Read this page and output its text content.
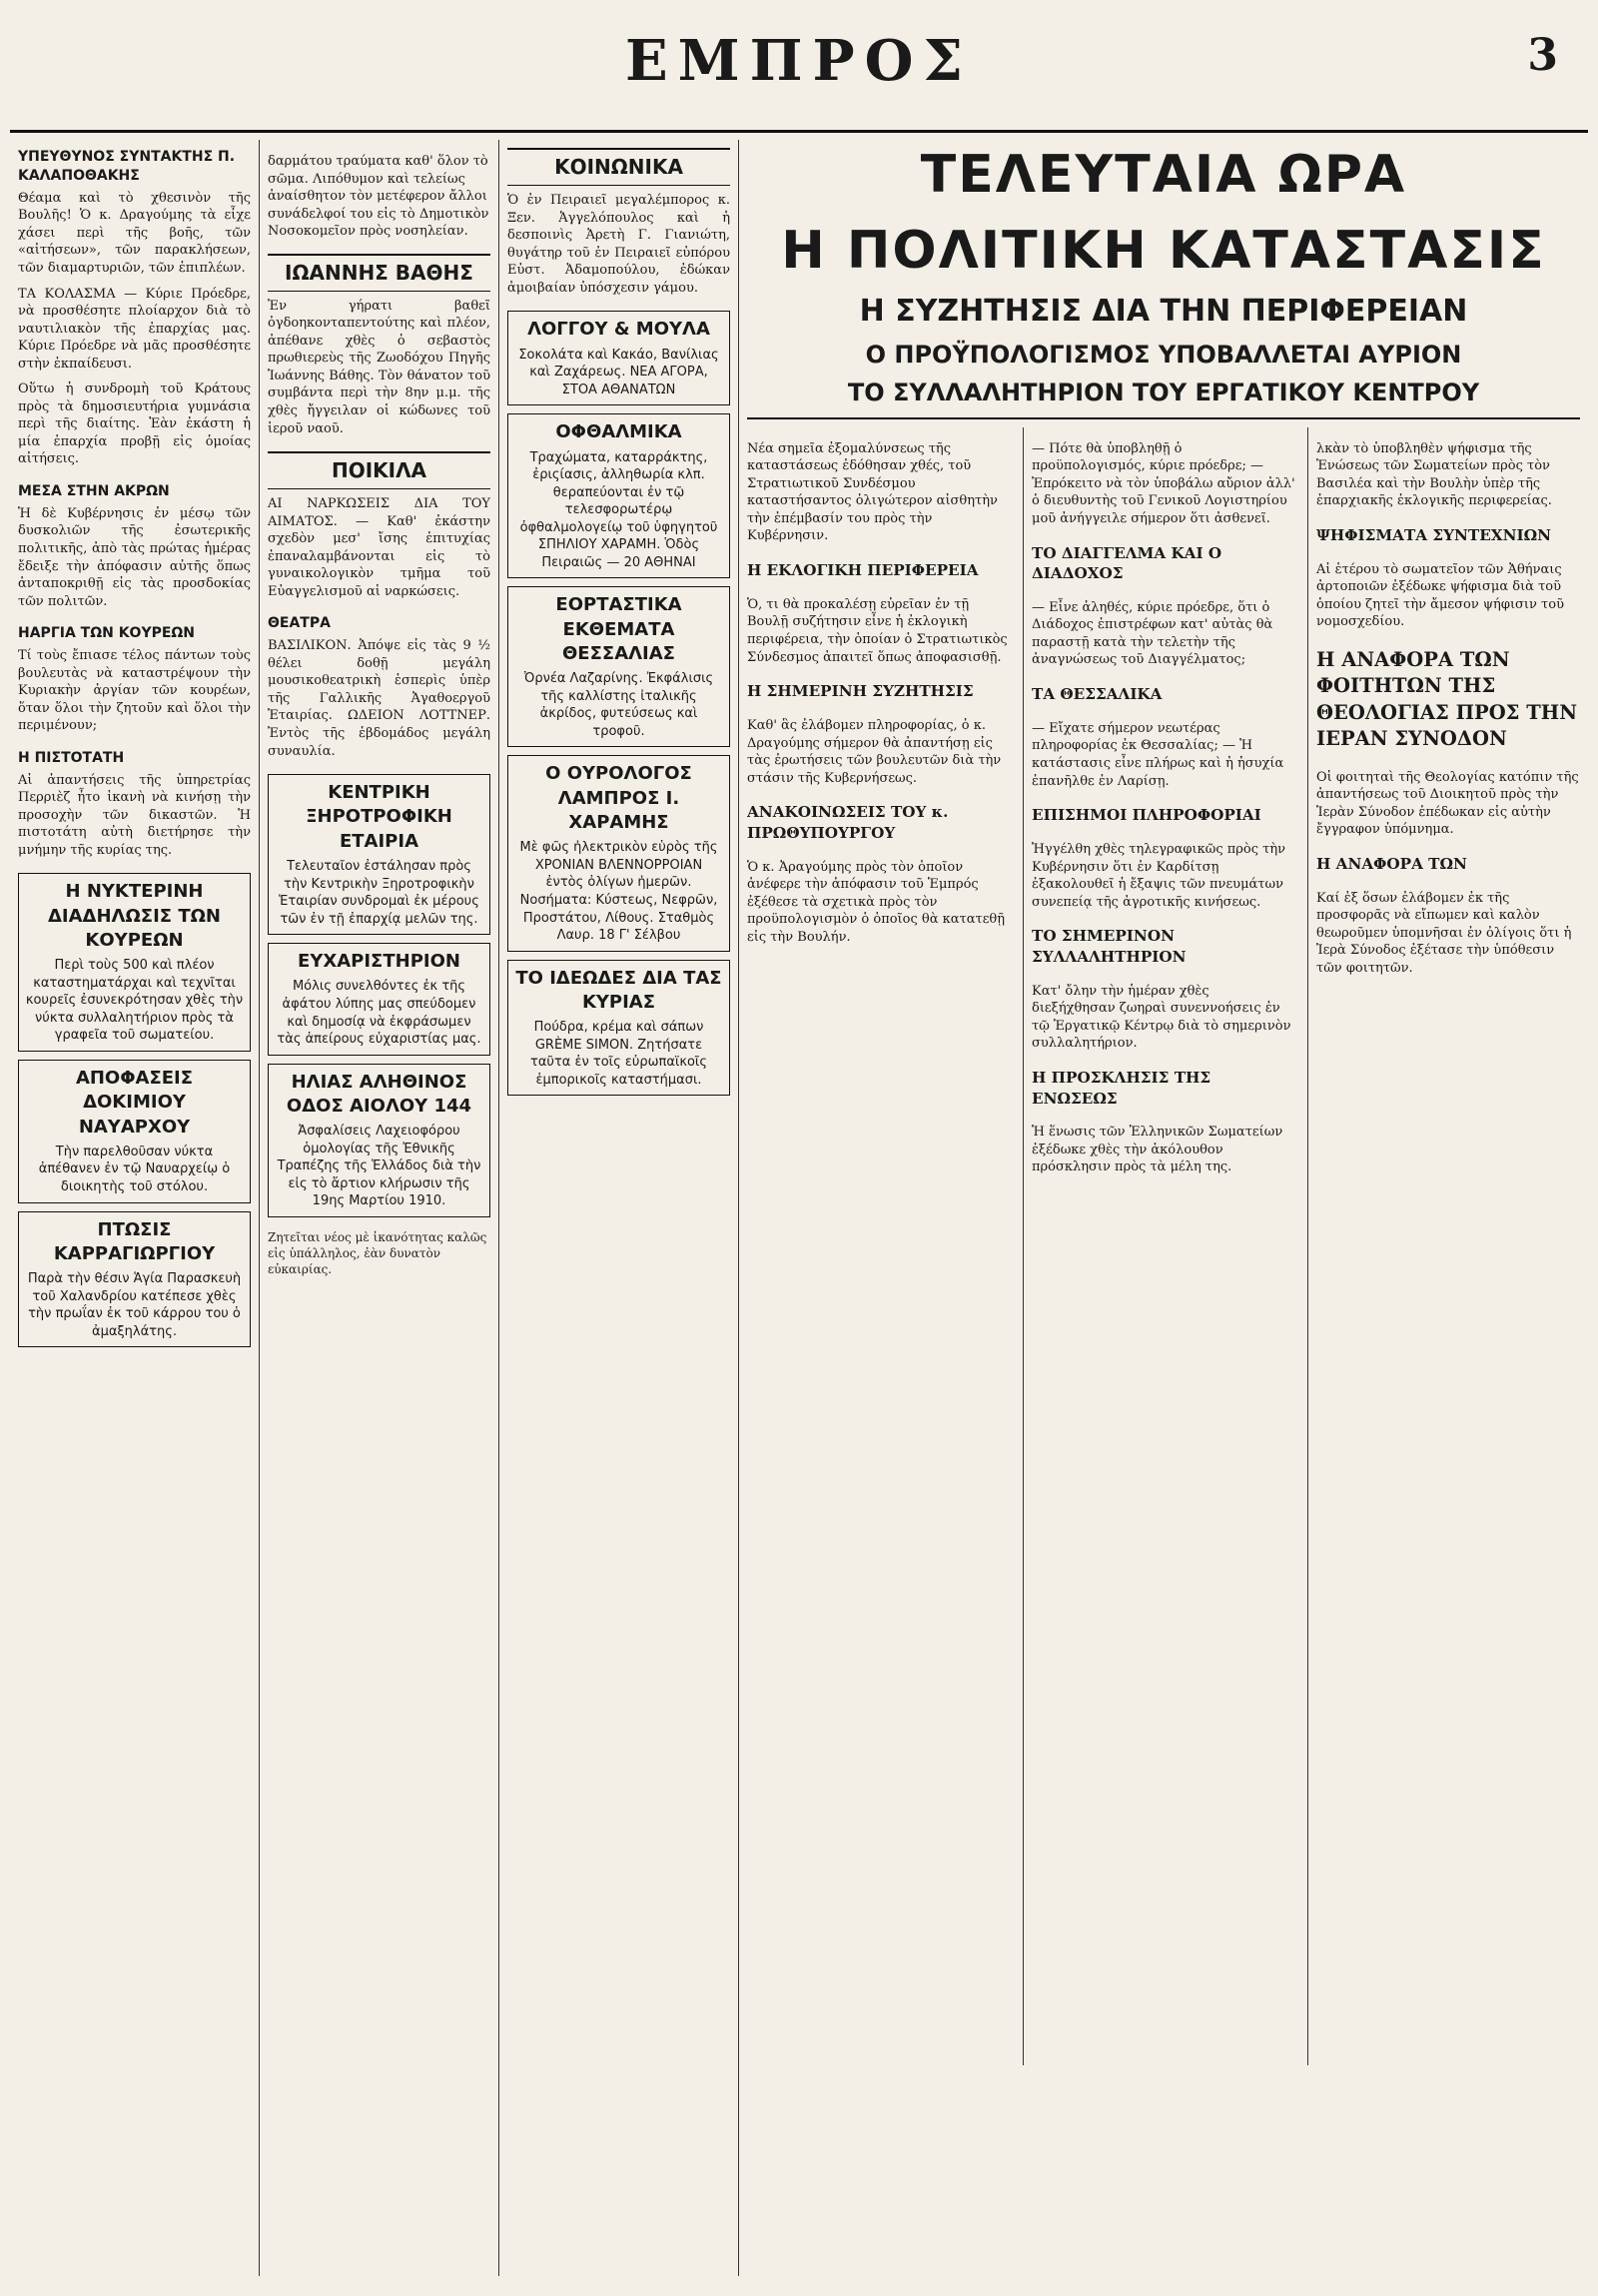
ΕΜΠΡΟΣ	3
ΥΠΕΥΘΥΝΟΣ ΣΥΝΤΑΚΤΗΣ Π. ΚΑΛΑΠΟΘΑΚΗΣ

Θέαμα καὶ τὸ χθεσινὸν τῆς Βουλῆς! Ὁ κ. Δραγούμης τὰ εἶχε χάσει περὶ τῆς βοῆς, τῶν «αἰτήσεων», τῶν παρακλήσεων, τῶν διαμαρτυριῶν, τῶν ἐπιπλέων.

ΤΑ ΚΟΛΑΣΜΑ — Κύριε Πρόεδρε, νὰ προσθέσητε πλοίαρχον διὰ τὸ ναυτιλιακὸν τῆς ἐπαρχίας μας. Κύριε Πρόεδρε νὰ μᾶς προσθέσητε στὴν ἐκπαίδευσι.

Οὕτω ἡ συνδρομὴ τοῦ Κράτους πρὸς τὰ δημοσιευτήρια γυμνάσια περὶ τῆς διαίτης. Ἐὰν ἐκάστη ἡ μία ἐπαρχία προβῇ εἰς ὁμοίας αἰτήσεις.

ΜΕΣΑ ΣΤΗΝ ΑΚΡΩΝ

Ἡ δὲ Κυβέρνησις ἐν μέσῳ τῶν δυσκολιῶν τῆς ἐσωτερικῆς πολιτικῆς, ἀπὸ τὰς πρώτας ἡμέρας ἔδειξε τὴν ἀπόφασιν αὐτῆς ὅπως ἀνταποκριθῇ εἰς τὰς προσδοκίας τῶν πολιτῶν.

ΗΑΡΓΙΑ ΤΩΝ ΚΟΥΡΕΩΝ

Τί τοὺς ἔπιασε τέλος πάντων τοὺς βουλευτὰς νὰ καταστρέψουν τὴν Κυριακὴν ἀργίαν τῶν κουρέων, ὅταν ὅλοι τὴν ζητοῦν καὶ ὅλοι τὴν περιμένουν;

Η ΠΙΣΤΟΤΑΤΗ

Αἱ ἀπαντήσεις τῆς ὑπηρετρίας Περριὲζ ἦτο ἱκανὴ νὰ κινήσῃ τὴν προσοχὴν τῶν δικαστῶν. Ἡ πιστοτάτη αὐτὴ διετήρησε τὴν μνήμην τῆς κυρίας της.

Η ΝΥΚΤΕΡΙΝΗ ΔΙΑΔΗΛΩΣΙΣ ΤΩΝ ΚΟΥΡΕΩΝ
Περὶ τοὺς 500 καὶ πλέον καταστηματάρχαι καὶ τεχνῖται κουρεῖς ἐσυνεκρότησαν χθὲς τὴν νύκτα συλλαλητήριον πρὸς τὰ γραφεῖα τοῦ σωματείου.
ΑΠΟΦΑΣΕΙΣ ΔΟΚΙΜΙΟΥ ΝΑΥΑΡΧΟΥ
Τὴν παρελθοῦσαν νύκτα ἀπέθανεν ἐν τῷ Ναυαρχείῳ ὁ διοικητὴς τοῦ στόλου.
ΠΤΩΣΙΣ ΚΑΡΡΑΓΙΩΡΓΙΟΥ
Παρὰ τὴν θέσιν Ἁγία Παρασκευὴ τοῦ Χαλανδρίου κατέπεσε χθὲς τὴν πρωΐαν ἐκ τοῦ κάρρου του ὁ ἀμαξηλάτης.

δαρμάτου τραύματα καθ' ὅλον τὸ σῶμα. Λιπόθυμον καὶ τελείως ἀναίσθητον τὸν μετέφερον ἄλλοι συνάδελφοί του εἰς τὸ Δημοτικὸν Νοσοκομεῖον πρὸς νοσηλείαν.

ΙΩΑΝΝΗΣ ΒΑΘΗΣ

Ἐν γήρατι βαθεῖ ὀγδοηκονταπεντούτης καὶ πλέον, ἀπέθανε χθὲς ὁ σεβαστὸς πρωθιερεὺς τῆς Ζωοδόχου Πηγῆς Ἰωάννης Βάθης. Τὸν θάνατον τοῦ συμβάντα περὶ τὴν 8ην μ.μ. τῆς χθὲς ἤγγειλαν οἱ κώδωνες τοῦ ἱεροῦ ναοῦ.

ΠΟΙΚΙΛΑ

ΑΙ ΝΑΡΚΩΣΕΙΣ ΔΙΑ ΤΟΥ ΑΙΜΑΤΟΣ. — Καθ' ἐκάστην σχεδὸν μεσ' ἴσης ἐπιτυχίας ἐπαναλαμβάνονται εἰς τὸ γυναικολογικὸν τμῆμα τοῦ Εὐαγγελισμοῦ αἱ ναρκώσεις.

ΘΕΑΤΡΑ

ΒΑΣΙΛΙΚΟΝ. Ἀπόψε εἰς τὰς 9 ½ θέλει δοθῇ μεγάλη μουσικοθεατρικὴ ἑσπερὶς ὑπὲρ τῆς Γαλλικῆς Ἀγαθοεργοῦ Ἑταιρίας. ΩΔΕΙΟΝ ΛΟΤΤΝΕΡ. Ἐντὸς τῆς ἑβδομάδος μεγάλη συναυλία.

ΚΕΝΤΡΙΚΗ ΞΗΡΟΤΡΟΦΙΚΗ ΕΤΑΙΡΙΑ
Τελευταῖον ἐστάλησαν πρὸς τὴν Κεντρικὴν Ξηροτροφικὴν Ἑταιρίαν συνδρομαὶ ἐκ μέρους τῶν ἐν τῇ ἐπαρχίᾳ μελῶν της.
ΕΥΧΑΡΙΣΤΗΡΙΟΝ
Μόλις συνελθόντες ἐκ τῆς ἀφάτου λύπης μας σπεύδομεν καὶ δημοσίᾳ νὰ ἐκφράσωμεν τὰς ἀπείρους εὐχαριστίας μας.
ΗΛΙΑΣ ΑΛΗΘΙΝΟΣ
ΟΔΟΣ ΑΙΟΛΟΥ 144
Ἀσφαλίσεις Λαχειοφόρου ὁμολογίας τῆς Ἐθνικῆς Τραπέζης τῆς Ἑλλάδος διὰ τὴν εἰς τὸ ἄρτιον κλήρωσιν τῆς 19ης Μαρτίου 1910.

Ζητεῖται νέος μὲ ἱκανότητας καλῶς εἰς ὑπάλληλος, ἐὰν δυνατὸν εὐκαιρίας.

ΚΟΙΝΩΝΙΚΑ

Ὁ ἐν Πειραιεῖ μεγαλέμπορος κ. Ξεν. Ἀγγελόπουλος καὶ ἡ δεσποινὶς Ἀρετὴ Γ. Γιανιώτη, θυγάτηρ τοῦ ἐν Πειραιεῖ εὐπόρου Εὐστ. Ἀδαμοπούλου, ἐδώκαν ἀμοιβαίαν ὑπόσχεσιν γάμου.

ΛΟΓΓΟΥ & ΜΟΥΛΑ
Σοκολάτα καὶ Κακάο, Βανίλιας καὶ Ζαχάρεως. ΝΕΑ ΑΓΟΡΑ, ΣΤΟΑ ΑΘΑΝΑΤΩΝ
ΟΦΘΑΛΜΙΚΑ
Τραχώματα, καταρράκτης, ἐριςίασις, ἀλληθωρία κλπ. θεραπεύονται ἐν τῷ τελεσφορωτέρῳ ὀφθαλμολογείῳ τοῦ ὑφηγητοῦ ΣΠΗΛΙΟΥ ΧΑΡΑΜΗ. Ὁδὸς Πειραιῶς — 20 ΑΘΗΝΑΙ
ΕΟΡΤΑΣΤΙΚΑ ΕΚΘΕΜΑΤΑ ΘΕΣΣΑΛΙΑΣ
Ὀρνέα Λαζαρίνης. Ἐκφάλισις τῆς καλλίστης ἰταλικῆς ἀκρίδος, φυτεύσεως καὶ τροφοῦ.
Ο ΟΥΡΟΛΟΓΟΣ
ΛΑΜΠΡΟΣ Ι. ΧΑΡΑΜΗΣ
Μὲ φῶς ἠλεκτρικὸν εὑρὸς τῆς ΧΡΟΝΙΑΝ ΒΛΕΝΝΟΡΡΟΙΑΝ ἐντὸς ὀλίγων ἡμερῶν. Νοσήματα: Κύστεως, Νεφρῶν, Προστάτου, Λίθους. Σταθμὸς Λαυρ. 18 Γ' Σέλβου
ΤΟ ΙΔΕΩΔΕΣ ΔΙΑ ΤΑΣ ΚΥΡΙΑΣ
Πούδρα, κρέμα καὶ σάπων GRÈME SIMON. Ζητήσατε ταῦτα ἐν τοῖς εὐρωπαϊκοῖς ἐμπορικοῖς καταστήμασι.
ΤΕΛΕΥΤΑΙΑ ΩΡΑ
Η ΠΟΛΙΤΙΚΗ ΚΑΤΑΣΤΑΣΙΣ
Η ΣΥΖΗΤΗΣΙΣ ΔΙΑ ΤΗΝ ΠΕΡΙΦΕΡΕΙΑΝ
Ο ΠΡΟΫΠΟΛΟΓΙΣΜΟΣ ΥΠΟΒΑΛΛΕΤΑΙ ΑΥΡΙΟΝ
ΤΟ ΣΥΛΛΑΛΗΤΗΡΙΟΝ ΤΟΥ ΕΡΓΑΤΙΚΟΥ ΚΕΝΤΡΟΥ

Νέα σημεῖα ἐξομαλύνσεως τῆς καταστάσεως ἐδόθησαν χθές, τοῦ Στρατιωτικοῦ Συνδέσμου καταστήσαντος ὀλιγώτερον αἰσθητὴν τὴν ἐπέμβασίν του πρὸς τὴν Κυβέρνησιν.

Η ΕΚΛΟΓΙΚΗ ΠΕΡΙΦΕΡΕΙΑ

Ὁ, τι θὰ προκαλέσῃ εὐρεῖαν ἐν τῇ Βουλῇ συζήτησιν εἶνε ἡ ἐκλογικὴ περιφέρεια, τὴν ὁποίαν ὁ Στρατιωτικὸς Σύνδεσμος ἀπαιτεῖ ὅπως ἀποφασισθῇ.

Η ΣΗΜΕΡΙΝΗ ΣΥΖΗΤΗΣΙΣ

Καθ' ἃς ἐλάβομεν πληροφορίας, ὁ κ. Δραγούμης σήμερον θὰ ἀπαντήσῃ εἰς τὰς ἐρωτήσεις τῶν βουλευτῶν διὰ τὴν στάσιν τῆς Κυβερνήσεως.

ΑΝΑΚΟΙΝΩΣΕΙΣ ΤΟΥ κ. ΠΡΩΘΥΠΟΥΡΓΟΥ

Ὁ κ. Ἀραγούμης πρὸς τὸν ὁποῖον ἀνέφερε τὴν ἀπόφασιν τοῦ Ἐμπρός ἐξέθεσε τὰ σχετικὰ πρὸς τὸν προϋπολογισμὸν ὁ ὁποῖος θὰ κατατεθῇ εἰς τὴν Βουλήν.

— Πότε θὰ ὑποβληθῇ ὁ προϋπολογισμός, κύριε πρόεδρε; — Ἐπρόκειτο νὰ τὸν ὑποβάλω αὔριον ἀλλ' ὁ διευθυντὴς τοῦ Γενικοῦ Λογιστηρίου μοῦ ἀνήγγειλε σήμερον ὅτι ἀσθενεῖ.

ΤΟ ΔΙΑΓΓΕΛΜΑ ΚΑΙ Ο ΔΙΑΔΟΧΟΣ

— Εἶνε ἀληθές, κύριε πρόεδρε, ὅτι ὁ Διάδοχος ἐπιστρέφων κατ' αὐτὰς θὰ παραστῇ κατὰ τὴν τελετὴν τῆς ἀναγνώσεως τοῦ Διαγγέλματος;

ΤΑ ΘΕΣΣΑΛΙΚΑ

— Εἴχατε σήμερον νεωτέρας πληροφορίας ἐκ Θεσσαλίας; — Ἡ κατάστασις εἶνε πλήρως καὶ ἡ ἡσυχία ἐπανῆλθε ἐν Λαρίσῃ.

ΕΠΙΣΗΜΟΙ ΠΛΗΡΟΦΟΡΙΑΙ

Ἡγγέλθη χθὲς τηλεγραφικῶς πρὸς τὴν Κυβέρνησιν ὅτι ἐν Καρδίτσῃ ἐξακολουθεῖ ἡ ἔξαψις τῶν πνευμάτων συνεπείᾳ τῆς ἀγροτικῆς κινήσεως.

ΤΟ ΣΗΜΕΡΙΝΟΝ ΣΥΛΛΑΛΗΤΗΡΙΟΝ

Κατ' ὄλην τὴν ἡμέραν χθὲς διεξήχθησαν ζωηραὶ συνεννοήσεις ἐν τῷ Ἐργατικῷ Κέντρῳ διὰ τὸ σημερινὸν συλλαλητήριον.

Η ΠΡΟΣΚΛΗΣΙΣ ΤΗΣ ΕΝΩΣΕΩΣ

Ἡ ἕνωσις τῶν Ἑλληνικῶν Σωματείων ἐξέδωκε χθὲς τὴν ἀκόλουθον πρόσκλησιν πρὸς τὰ μέλη της.

λκὰν τὸ ὑποβληθὲν ψήφισμα τῆς Ἑνώσεως τῶν Σωματείων πρὸς τὸν Βασιλέα καὶ τὴν Βουλὴν ὑπὲρ τῆς ἐπαρχιακῆς ἐκλογικῆς περιφερείας.

ΨΗΦΙΣΜΑΤΑ ΣΥΝΤΕΧΝΙΩΝ

Αἱ ἑτέρου τὸ σωματεῖον τῶν Ἀθήναις ἀρτοποιῶν ἐξέδωκε ψήφισμα διὰ τοῦ ὁποίου ζητεῖ τὴν ἄμεσον ψήφισιν τοῦ νομοσχεδίου.

Η ΑΝΑΦΟΡΑ ΤΩΝ ΦΟΙΤΗΤΩΝ ΤΗΣ ΘΕΟΛΟΓΙΑΣ ΠΡΟΣ ΤΗΝ ΙΕΡΑΝ ΣΥΝΟΔΟΝ

Οἱ φοιτηταὶ τῆς Θεολογίας κατόπιν τῆς ἀπαντήσεως τοῦ Διοικητοῦ πρὸς τὴν Ἱερὰν Σύνοδον ἐπέδωκαν εἰς αὐτὴν ἔγγραφον ὑπόμνημα.

Η ΑΝΑΦΟΡΑ ΤΩΝ

Καί ἐξ ὅσων ἐλάβομεν ἐκ τῆς προσφορᾶς νὰ εἴπωμεν καὶ καλὸν θεωροῦμεν ὑπομνῆσαι ἐν ὀλίγοις ὅτι ἡ Ἱερὰ Σύνοδος ἐξέτασε τὴν ὑπόθεσιν τῶν φοιτητῶν.
